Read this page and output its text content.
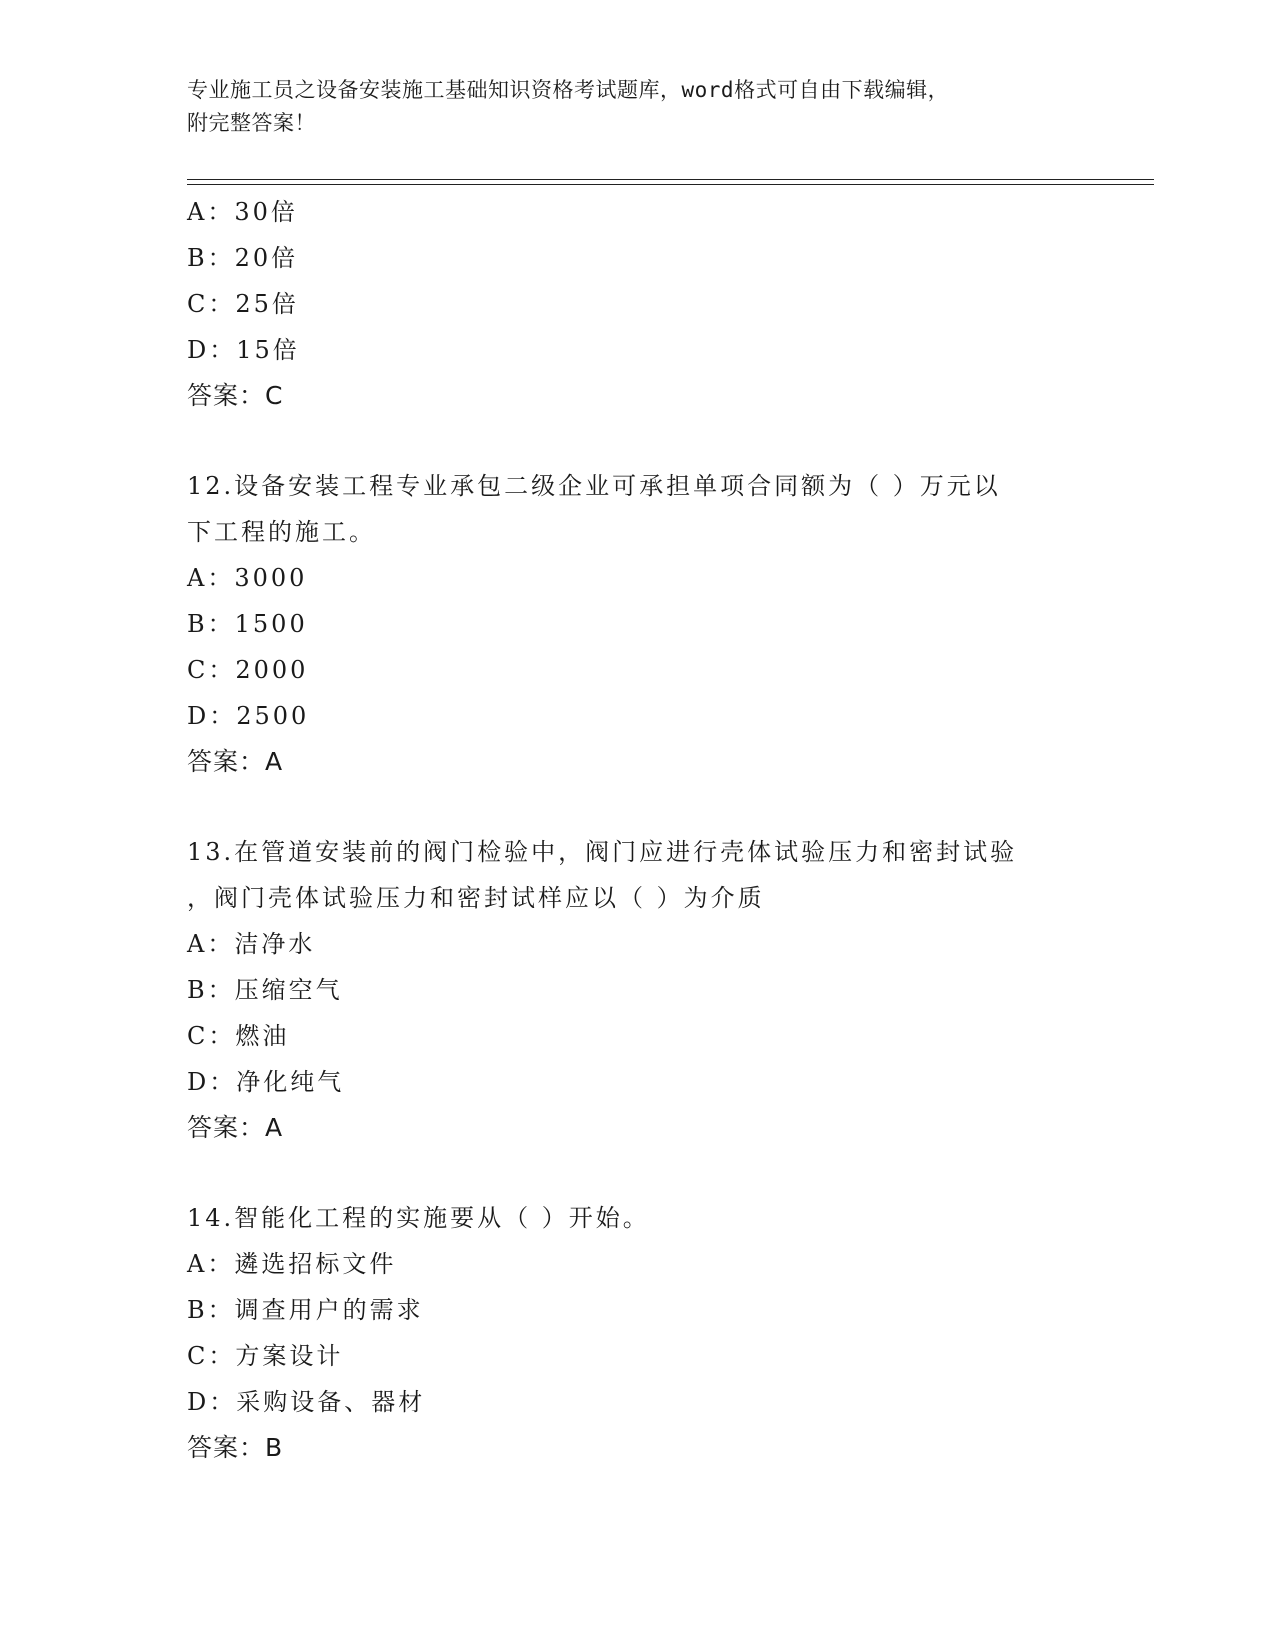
专业施工员之设备安装施工基础知识资格考试题库，word格式可自由下载编辑，
附完整答案！
A：30倍
B：20倍
C：25倍
D：15倍
答案：C
12.设备安装工程专业承包二级企业可承担单项合同额为（ ）万元以
下工程的施工。
A：3000
B：1500
C：2000
D：2500
答案：A
13.在管道安装前的阀门检验中，阀门应进行壳体试验压力和密封试验
，阀门壳体试验压力和密封试样应以（ ）为介质
A：洁净水
B：压缩空气
C：燃油
D：净化纯气
答案：A
14.智能化工程的实施要从（ ）开始。
A：遴选招标文件
B：调查用户的需求
C：方案设计
D：采购设备、器材
答案：B
